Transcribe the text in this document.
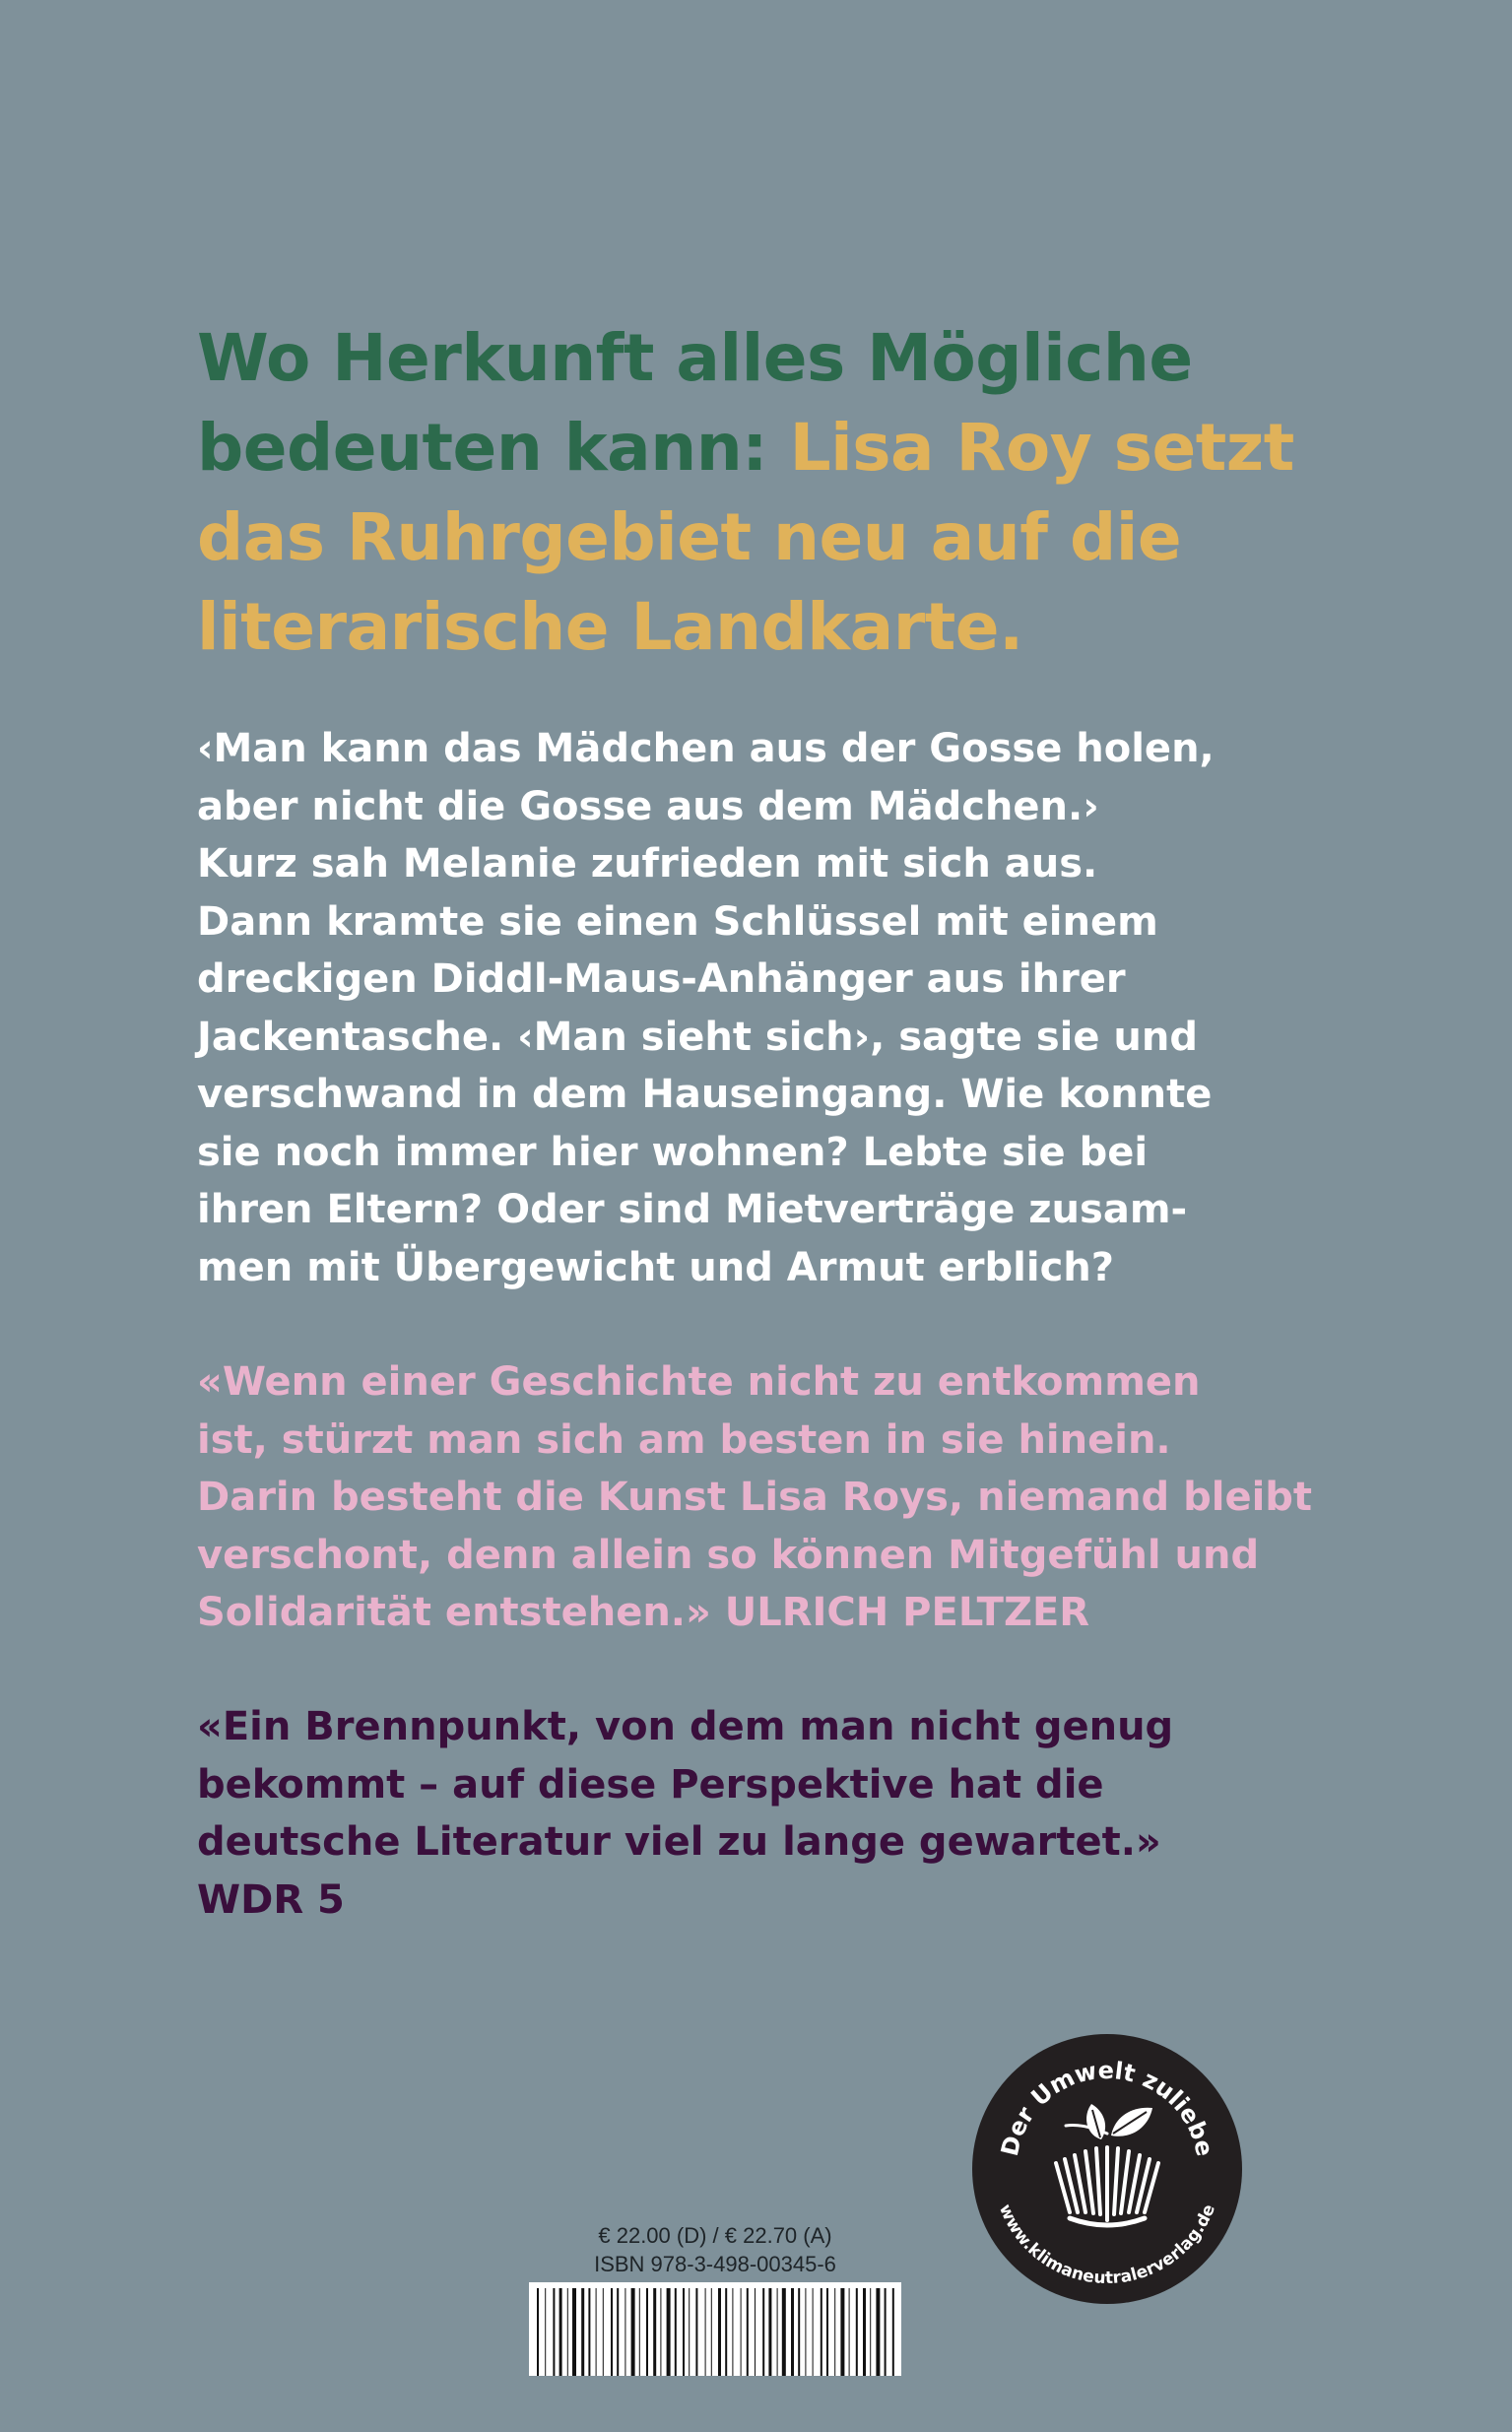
Wo Herkunft alles Mögliche
bedeuten kann: Lisa Roy setzt
das Ruhrgebiet neu auf die
literarische Landkarte.
‹Man kann das Mädchen aus der Gosse holen,
aber nicht die Gosse aus dem Mädchen.›
Kurz sah Melanie zufrieden mit sich aus.
Dann kramte sie einen Schlüssel mit einem
dreckigen Diddl-Maus-Anhänger aus ihrer
Jackentasche. ‹Man sieht sich›, sagte sie und
verschwand in dem Hauseingang. Wie konnte
sie noch immer hier wohnen? Lebte sie bei
ihren Eltern? Oder sind Mietverträge zusam-
men mit Übergewicht und Armut erblich?
«Wenn einer Geschichte nicht zu entkommen
ist, stürzt man sich am besten in sie hinein.
Darin besteht die Kunst Lisa Roys, niemand bleibt
verschont, denn allein so können Mitgefühl und
Solidarität entstehen.» ULRICH PELTZER
«Ein Brennpunkt, von dem man nicht genug
bekommt – auf diese Perspektive hat die
deutsche Literatur viel zu lange gewartet.»
WDR 5
Der Umwelt zuliebe
www.klimaneutralerverlag.de
€ 22.00 (D) / € 22.70 (A)
ISBN 978-3-498-00345-6
